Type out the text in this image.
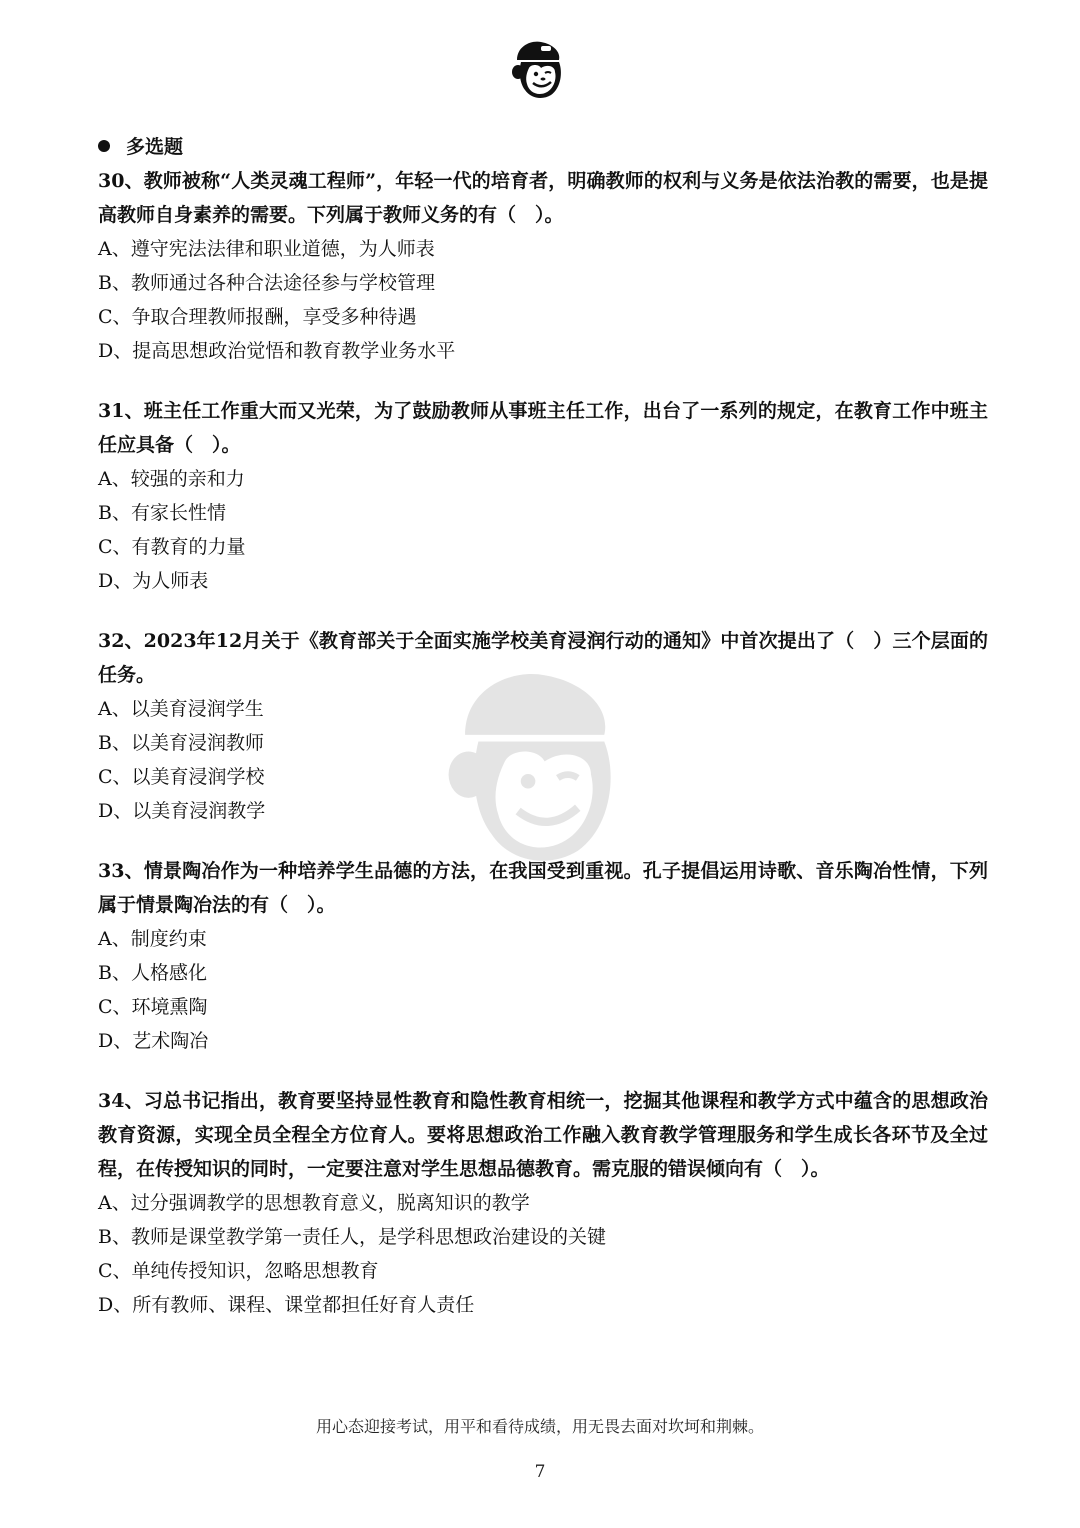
多选题
30、教师被称“人类灵魂工程师”，年轻一代的培育者，明确教师的权利与义务是依法治教的需要，也是提高教师自身素养的需要。下列属于教师义务的有（　）。
A、遵守宪法法律和职业道德，为人师表
B、教师通过各种合法途径参与学校管理
C、争取合理教师报酬，享受多种待遇
D、提高思想政治觉悟和教育教学业务水平
31、班主任工作重大而又光荣，为了鼓励教师从事班主任工作，出台了一系列的规定，在教育工作中班主任应具备（　）。
A、较强的亲和力
B、有家长性情
C、有教育的力量
D、为人师表
32、2023年12月关于《教育部关于全面实施学校美育浸润行动的通知》中首次提出了（　）三个层面的任务。
A、以美育浸润学生
B、以美育浸润教师
C、以美育浸润学校
D、以美育浸润教学
33、情景陶冶作为一种培养学生品德的方法，在我国受到重视。孔子提倡运用诗歌、音乐陶冶性情，下列属于情景陶冶法的有（　）。
A、制度约束
B、人格感化
C、环境熏陶
D、艺术陶冶
34、习总书记指出，教育要坚持显性教育和隐性教育相统一，挖掘其他课程和教学方式中蕴含的思想政治教育资源，实现全员全程全方位育人。要将思想政治工作融入教育教学管理服务和学生成长各环节及全过程，在传授知识的同时，一定要注意对学生思想品德教育。需克服的错误倾向有（　）。
A、过分强调教学的思想教育意义，脱离知识的教学
B、教师是课堂教学第一责任人，是学科思想政治建设的关键
C、单纯传授知识，忽略思想教育
D、所有教师、课程、课堂都担任好育人责任
用心态迎接考试，用平和看待成绩，用无畏去面对坎坷和荆棘。
7
